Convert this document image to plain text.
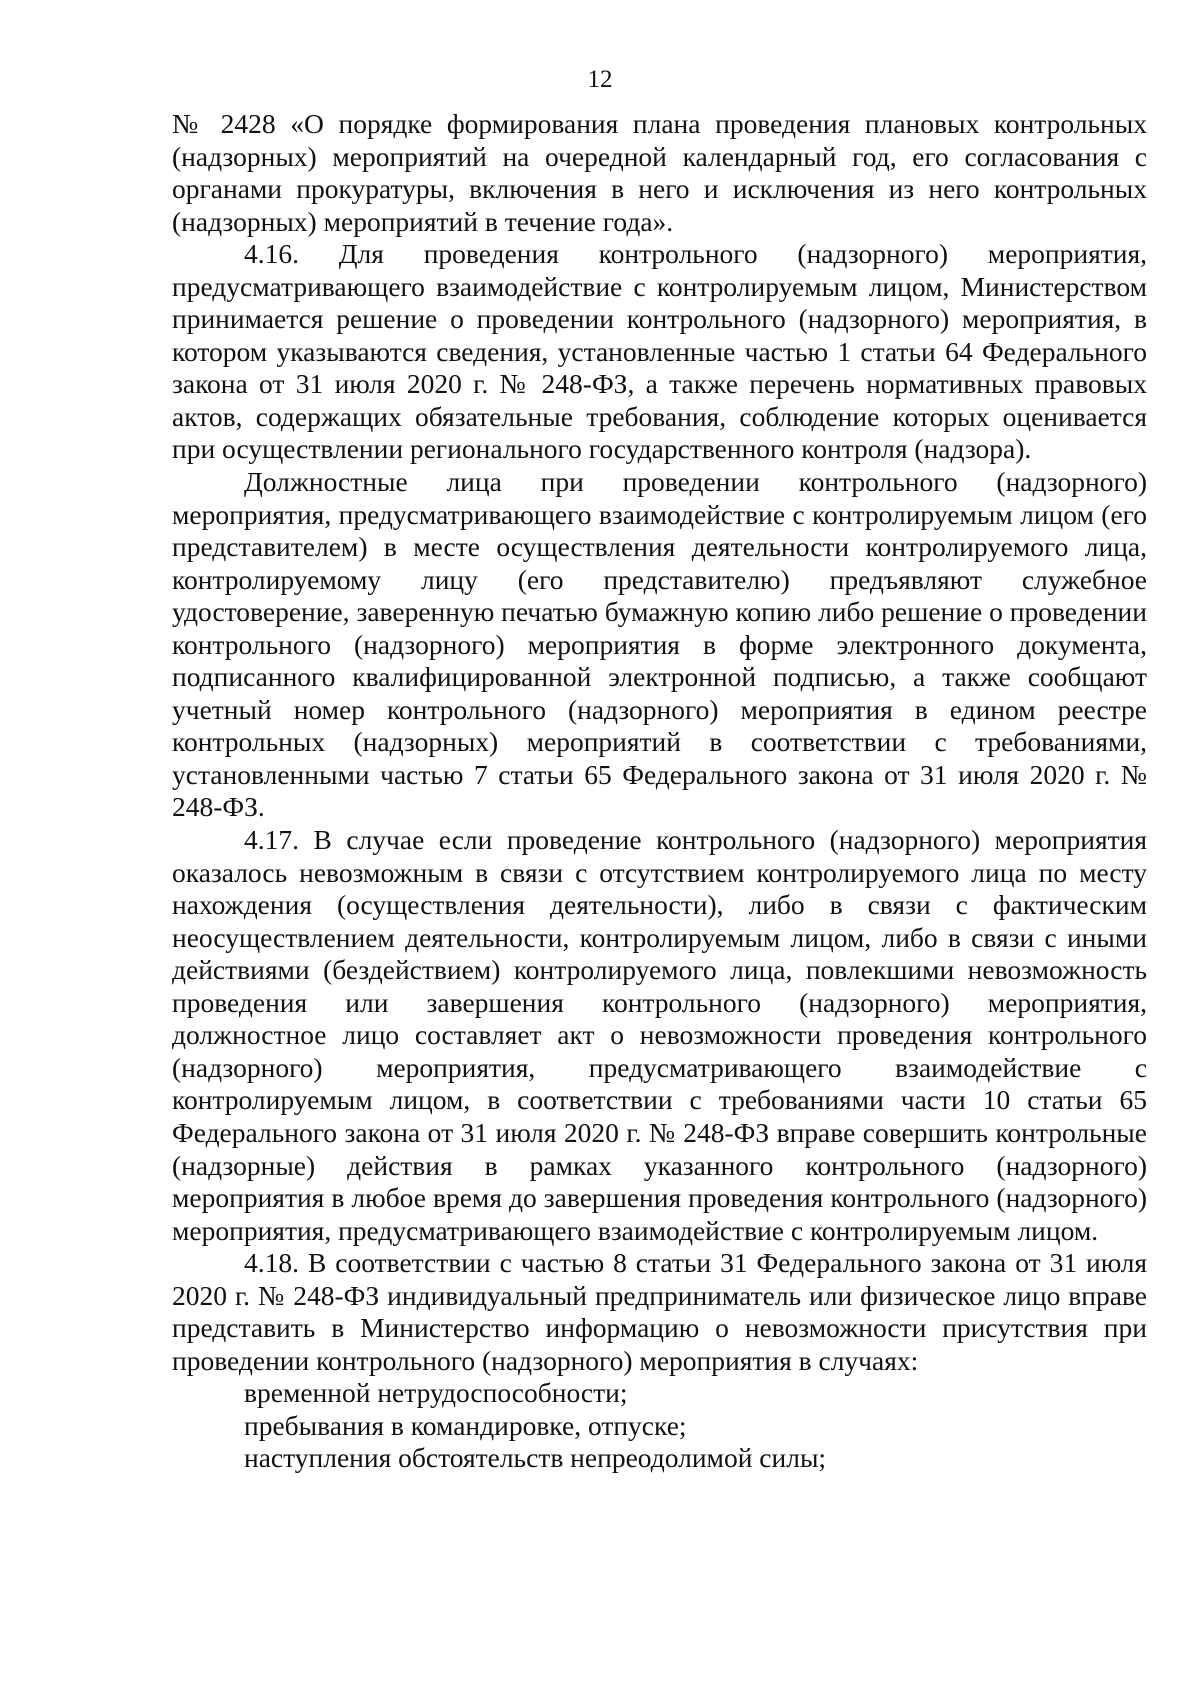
12

№ 2428 «О порядке формирования плана проведения плановых контрольных (надзорных) мероприятий на очередной календарный год, его согласования с органами прокуратуры, включения в него и исключения из него контрольных (надзорных) мероприятий в течение года».

4.16. Для проведения контрольного (надзорного) мероприятия, предусматривающего взаимодействие с контролируемым лицом, Министерством принимается решение о проведении контрольного (надзорного) мероприятия, в котором указываются сведения, установленные частью 1 статьи 64 Федерального закона от 31 июля 2020 г. № 248-ФЗ, а также перечень нормативных правовых актов, содержащих обязательные требования, соблюдение которых оценивается при осуществлении регионального государственного контроля (надзора).

Должностные лица при проведении контрольного (надзорного) мероприятия, предусматривающего взаимодействие с контролируемым лицом (его представителем) в месте осуществления деятельности контролируемого лица, контролируемому лицу (его представителю) предъявляют служебное удостоверение, заверенную печатью бумажную копию либо решение о проведении контрольного (надзорного) мероприятия в форме электронного документа, подписанного квалифицированной электронной подписью, а также сообщают учетный номер контрольного (надзорного) мероприятия в едином реестре контрольных (надзорных) мероприятий в соответствии с требованиями, установленными частью 7 статьи 65 Федерального закона от 31 июля 2020 г. № 248-ФЗ.

4.17. В случае если проведение контрольного (надзорного) мероприятия оказалось невозможным в связи с отсутствием контролируемого лица по месту нахождения (осуществления деятельности), либо в связи с фактическим неосуществлением деятельности, контролируемым лицом, либо в связи с иными действиями (бездействием) контролируемого лица, повлекшими невозможность проведения или завершения контрольного (надзорного) мероприятия, должностное лицо составляет акт о невозможности проведения контрольного (надзорного) мероприятия, предусматривающего взаимодействие с контролируемым лицом, в соответствии с требованиями части 10 статьи 65 Федерального закона от 31 июля 2020 г. № 248-ФЗ вправе совершить контрольные (надзорные) действия в рамках указанного контрольного (надзорного) мероприятия в любое время до завершения проведения контрольного (надзорного) мероприятия, предусматривающего взаимодействие с контролируемым лицом.

4.18. В соответствии с частью 8 статьи 31 Федерального закона от 31 июля 2020 г. № 248-ФЗ индивидуальный предприниматель или физическое лицо вправе представить в Министерство информацию о невозможности присутствия при проведении контрольного (надзорного) мероприятия в случаях:

временной нетрудоспособности;

пребывания в командировке, отпуске;

наступления обстоятельств непреодолимой силы;
